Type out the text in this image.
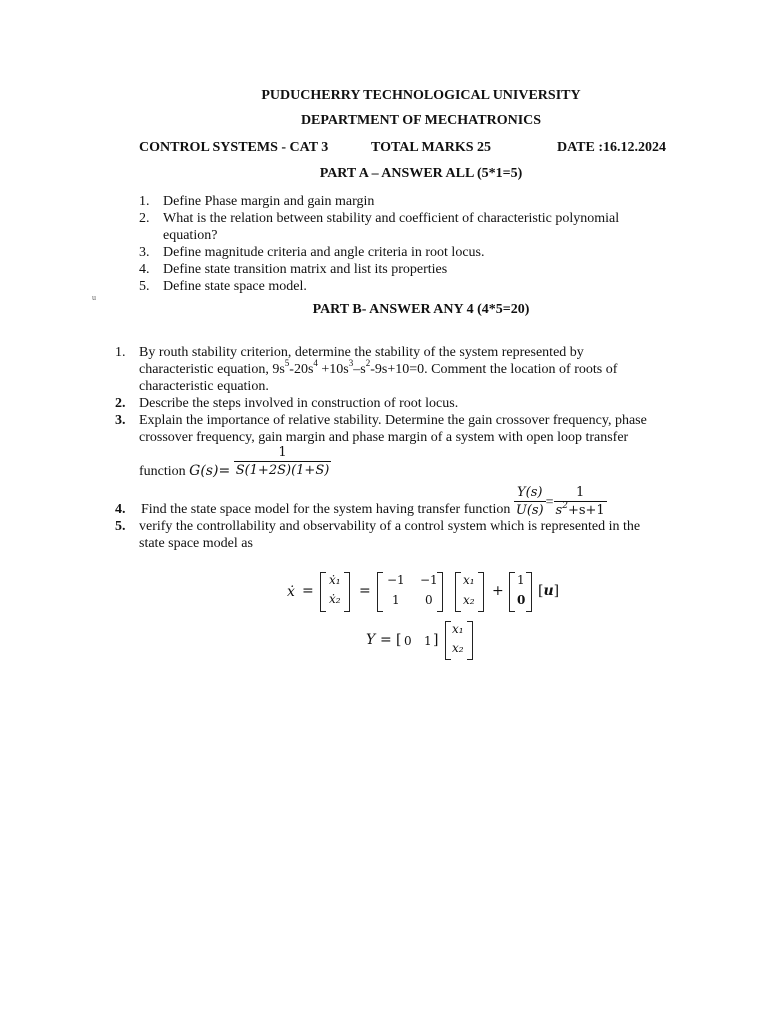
PUDUCHERRY TECHNOLOGICAL UNIVERSITY
DEPARTMENT OF MECHATRONICS
CONTROL SYSTEMS - CAT 3	TOTAL MARKS 25	DATE :16.12.2024
PART A – ANSWER ALL (5*1=5)
1. Define Phase margin and gain margin
2. What is the relation between stability and coefficient of characteristic polynomial
equation?
3. Define magnitude criteria and angle criteria in root locus.
4. Define state transition matrix and list its properties
5. Define state space model.
u
PART B- ANSWER ANY 4 (4*5=20)
1. By routh stability criterion, determine the stability of the system represented by
characteristic equation, $9s^5-20s^4 +10s^3-s^2-9s+10=0$. Comment the location of roots of
characteristic equation.
2. Describe the steps involved in construction of root locus.
3. Explain the importance of relative stability. Determine the gain crossover frequency, phase
crossover frequency, gain margin and phase margin of a system with open loop transfer
function $G(s)= \frac{1}{S(1+2S)(1+S)}$
4. Find the state space model for the system having transfer function $\frac{Y(s)}{U(s)} = \frac{1}{s^2+s+1}$
5. verify the controllability and observability of a control system which is represented in the
state space model as
ẋ =
ẋ₁
ẋ₂ =
−1 −1
1 0
x₁
x₂
+
1
0
[u]
Y = [ 0 1 ]
x₁
x₂
